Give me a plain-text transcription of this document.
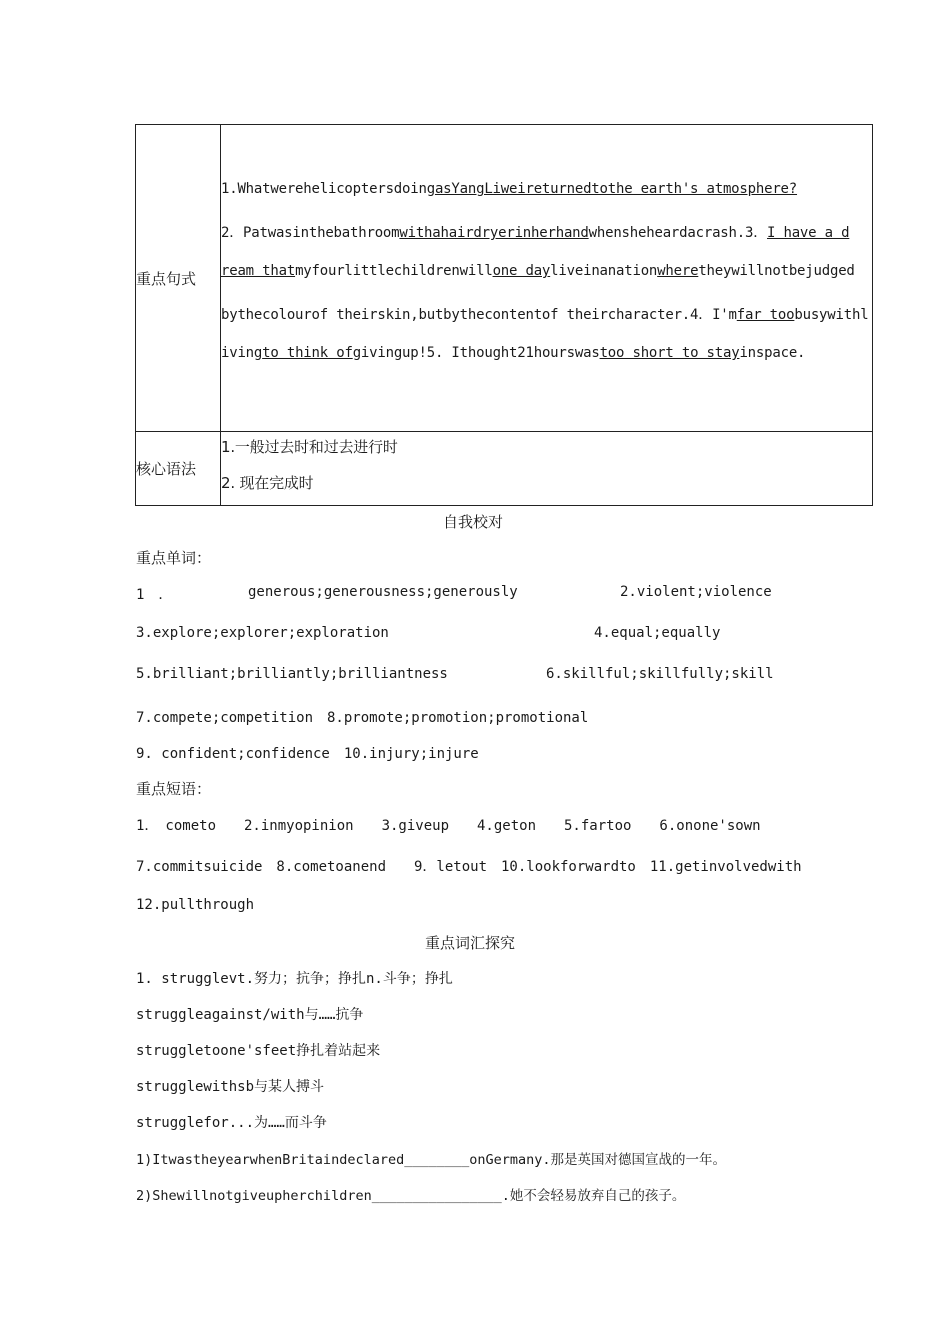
重点句式	1.WhatwerehelicoptersdoingasYangLiweireturnedtothe earth's atmosphere?
2．Patwasinthebathroomwithahairdryerinherhandwhensheheardacrash.3．I have a d
ream thatmyfourlittlechildrenwillone dayliveinanationwheretheywillnotbejudged
bythecolourof theirskin,butbythecontentof theircharacter.4．I'mfar toobusywithl
ivingto think ofgivingup!5. Ithought21hourswastoo short to stayinspace.

核心语法	1.一般过去时和过去进行时
2. 现在完成时
自我校对
重点单词：
1　．	generous;generousness;generously	2.violent;violence
3.explore;explorer;exploration	4.equal;equally
5.brilliant;brilliantly;brilliantness	6.skillful;skillfully;skill
7.compete;competition　8.promote;promotion;promotional
9. confident;confidence　10.injury;injure
重点短语：
1．　cometo　　2.inmyopinion　　3.giveup　　4.geton　　5.fartoo　　6.onone'sown
7.commitsuicide　8.cometoanend　　9．letout　10.lookforwardto　11.getinvolvedwith
12.pullthrough
重点词汇探究
1. strugglevt.努力；抗争；挣扎n.斗争；挣扎
struggleagainst/with与……抗争
struggletoone'sfeet挣扎着站起来
strugglewithsb与某人搏斗
strugglefor...为……而斗争
1)ItwastheyearwhenBritaindeclared________onGermany.那是英国对德国宣战的一年。
2)Shewillnotgiveupherchildren________________.她不会轻易放弃自己的孩子。
